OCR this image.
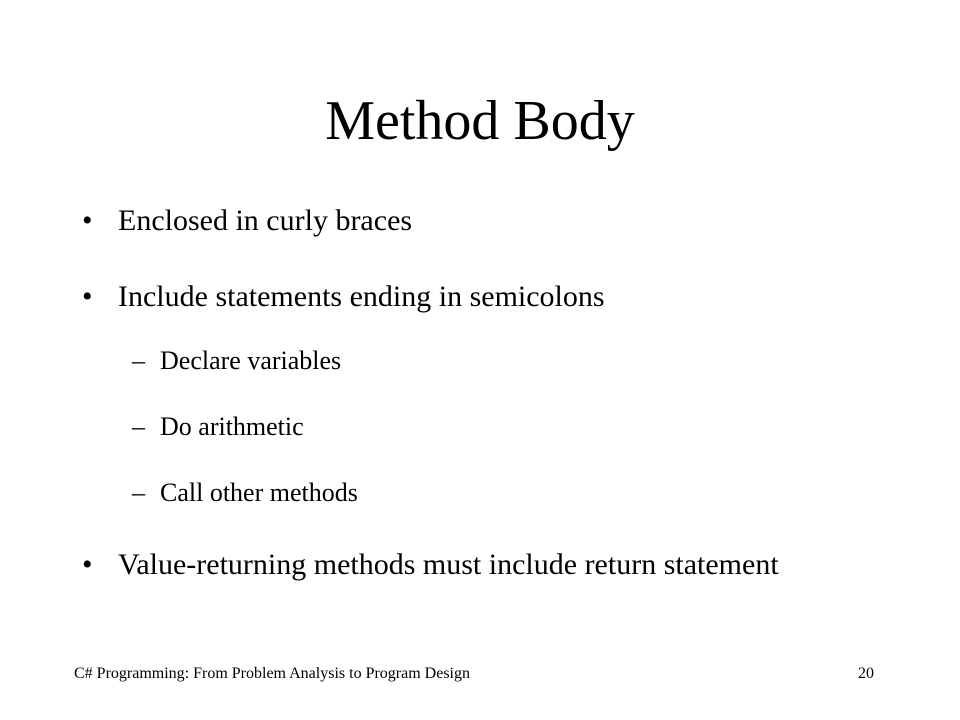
Method Body
• Enclosed in curly braces
• Include statements ending in semicolons
– Declare variables
– Do arithmetic
– Call other methods
• Value-returning methods must include return statement
C# Programming: From Problem Analysis to Program Design	20
